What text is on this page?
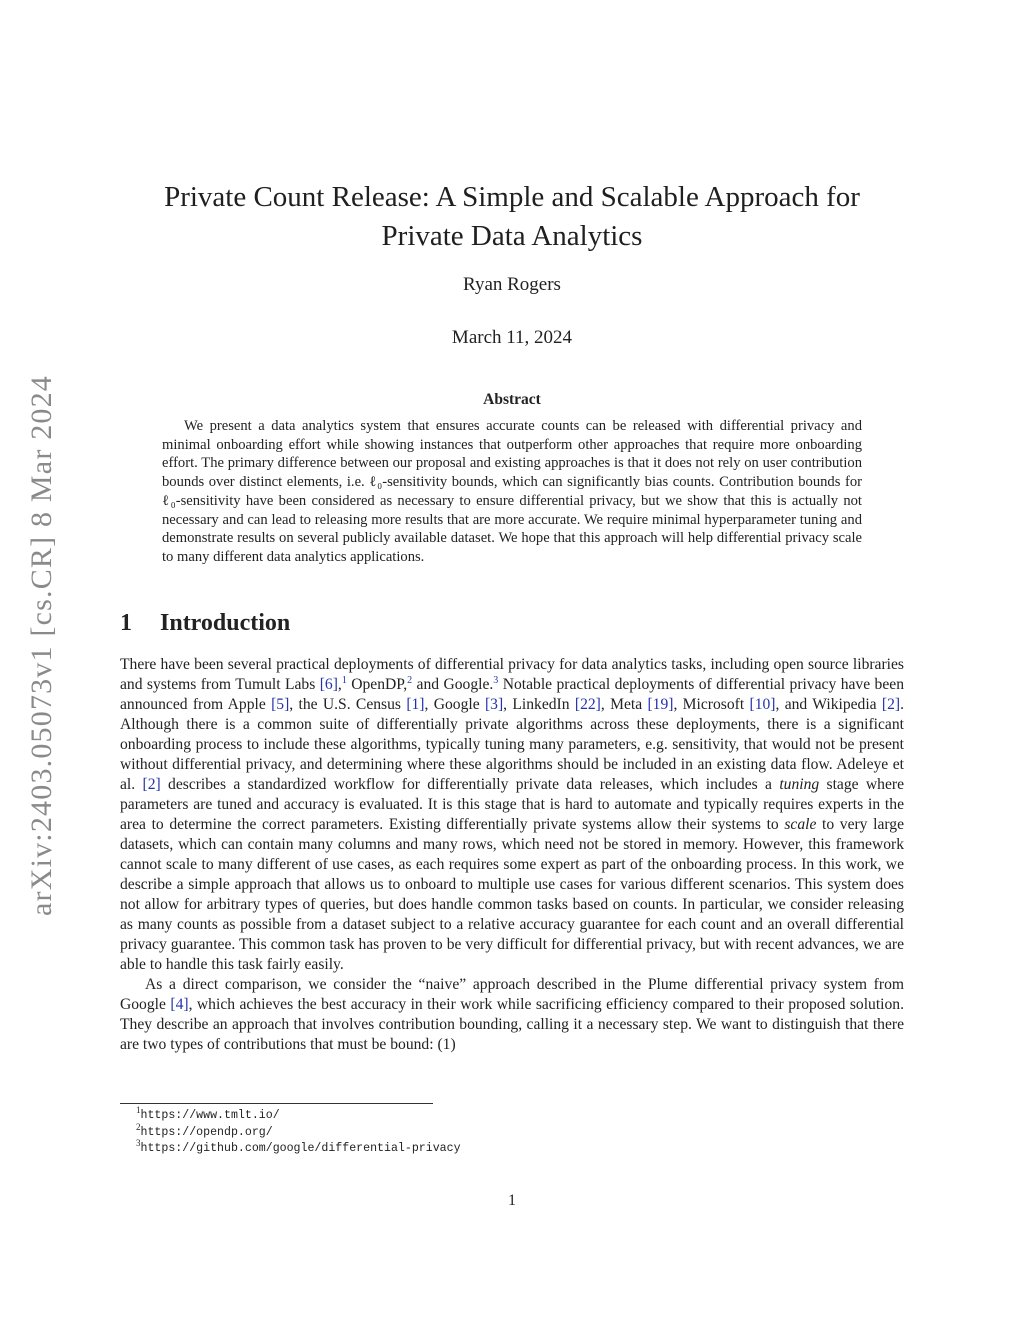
arXiv:2403.05073v1 [cs.CR] 8 Mar 2024
Private Count Release: A Simple and Scalable Approach for
Private Data Analytics
Ryan Rogers
March 11, 2024
Abstract

We present a data analytics system that ensures accurate counts can be released with differential privacy and minimal onboarding effort while showing instances that outperform other approaches that require more onboarding effort. The primary difference between our proposal and existing approaches is that it does not rely on user contribution bounds over distinct elements, i.e. ℓ₀-sensitivity bounds, which can significantly bias counts. Contribution bounds for ℓ₀-sensitivity have been considered as necessary to ensure differential privacy, but we show that this is actually not necessary and can lead to releasing more results that are more accurate. We require minimal hyperparameter tuning and demonstrate results on several publicly available dataset. We hope that this approach will help differential privacy scale to many different data analytics applications.

1 Introduction

There have been several practical deployments of differential privacy for data analytics tasks, including open source libraries and systems from Tumult Labs [6],$^1$ OpenDP,$^2$ and Google.$^3$ Notable practical deployments of differential privacy have been announced from Apple [5], the U.S. Census [1], Google [3], LinkedIn [22], Meta [19], Microsoft [10], and Wikipedia [2]. Although there is a common suite of differentially private algorithms across these deployments, there is a significant onboarding process to include these algorithms, typically tuning many parameters, e.g. sensitivity, that would not be present without differential privacy, and determining where these algorithms should be included in an existing data flow. Adeleye et al. [2] describes a standardized workflow for differentially private data releases, which includes a tuning stage where parameters are tuned and accuracy is evaluated. It is this stage that is hard to automate and typically requires experts in the area to determine the correct parameters. Existing differentially private systems allow their systems to scale to very large datasets, which can contain many columns and many rows, which need not be stored in memory. However, this framework cannot scale to many different of use cases, as each requires some expert as part of the onboarding process. In this work, we describe a simple approach that allows us to onboard to multiple use cases for various different scenarios. This system does not allow for arbitrary types of queries, but does handle common tasks based on counts. In particular, we consider releasing as many counts as possible from a dataset subject to a relative accuracy guarantee for each count and an overall differential privacy guarantee. This common task has proven to be very difficult for differential privacy, but with recent advances, we are able to handle this task fairly easily.

As a direct comparison, we consider the “naive” approach described in the Plume differential privacy system from Google [4], which achieves the best accuracy in their work while sacrificing efficiency compared to their proposed solution. They describe an approach that involves contribution bounding, calling it a necessary step. We want to distinguish that there are two types of contributions that must be bound: (1)

$^1$https://www.tmlt.io/
$^2$https://opendp.org/
$^3$https://github.com/google/differential-privacy
1
